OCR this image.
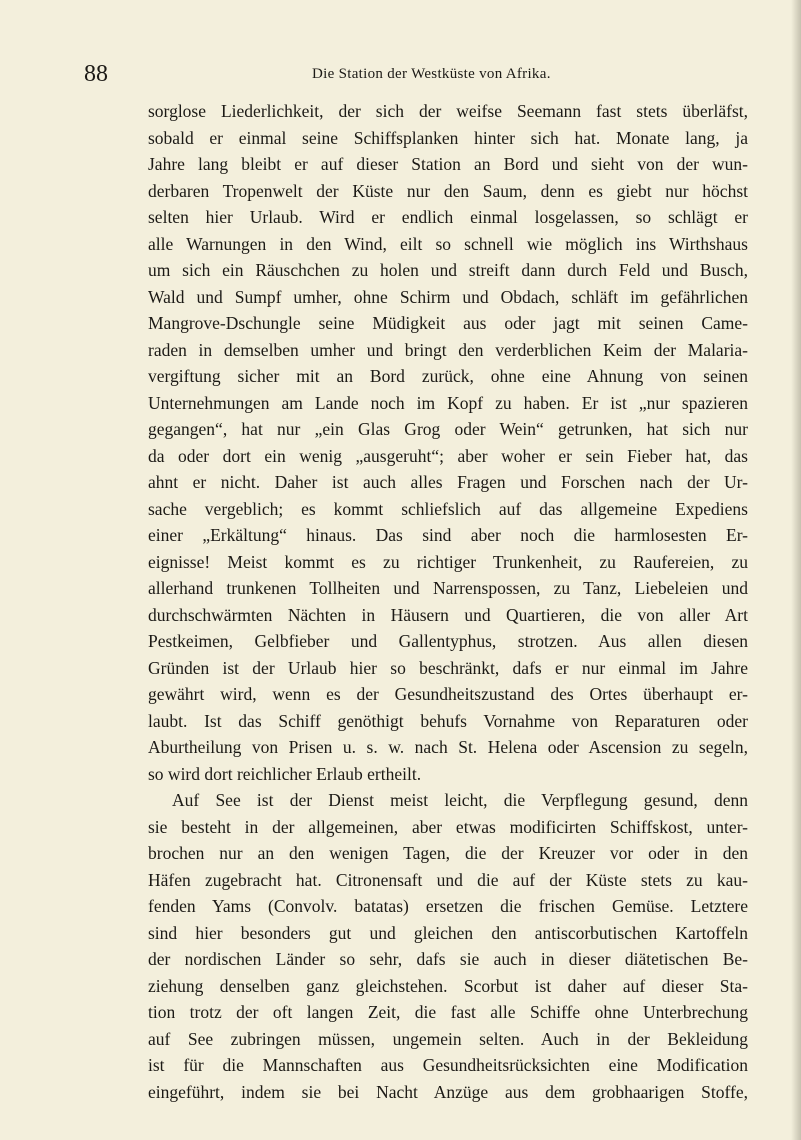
88	Die Station der Westküste von Afrika.
sorglose Liederlichkeit, der sich der weifse Seemann fast stets überläfst,
sobald er einmal seine Schiffsplanken hinter sich hat. Monate lang, ja
Jahre lang bleibt er auf dieser Station an Bord und sieht von der wun-
derbaren Tropenwelt der Küste nur den Saum, denn es giebt nur höchst
selten hier Urlaub. Wird er endlich einmal losgelassen, so schlägt er
alle Warnungen in den Wind, eilt so schnell wie möglich ins Wirthshaus
um sich ein Räuschchen zu holen und streift dann durch Feld und Busch,
Wald und Sumpf umher, ohne Schirm und Obdach, schläft im gefährlichen
Mangrove-Dschungle seine Müdigkeit aus oder jagt mit seinen Came-
raden in demselben umher und bringt den verderblichen Keim der Malaria-
vergiftung sicher mit an Bord zurück, ohne eine Ahnung von seinen
Unternehmungen am Lande noch im Kopf zu haben. Er ist „nur spazieren
gegangen“, hat nur „ein Glas Grog oder Wein“ getrunken, hat sich nur
da oder dort ein wenig „ausgeruht“; aber woher er sein Fieber hat, das
ahnt er nicht. Daher ist auch alles Fragen und Forschen nach der Ur-
sache vergeblich; es kommt schliefslich auf das allgemeine Expediens
einer „Erkältung“ hinaus. Das sind aber noch die harmlosesten Er-
eignisse! Meist kommt es zu richtiger Trunkenheit, zu Raufereien, zu
allerhand trunkenen Tollheiten und Narrenspossen, zu Tanz, Liebeleien und
durchschwärmten Nächten in Häusern und Quartieren, die von aller Art
Pestkeimen, Gelbfieber und Gallentyphus, strotzen. Aus allen diesen
Gründen ist der Urlaub hier so beschränkt, dafs er nur einmal im Jahre
gewährt wird, wenn es der Gesundheitszustand des Ortes überhaupt er-
laubt. Ist das Schiff genöthigt behufs Vornahme von Reparaturen oder
Aburtheilung von Prisen u. s. w. nach St. Helena oder Ascension zu segeln,
so wird dort reichlicher Erlaub ertheilt.
Auf See ist der Dienst meist leicht, die Verpflegung gesund, denn
sie besteht in der allgemeinen, aber etwas modificirten Schiffskost, unter-
brochen nur an den wenigen Tagen, die der Kreuzer vor oder in den
Häfen zugebracht hat. Citronensaft und die auf der Küste stets zu kau-
fenden Yams (Convolv. batatas) ersetzen die frischen Gemüse. Letztere
sind hier besonders gut und gleichen den antiscorbutischen Kartoffeln
der nordischen Länder so sehr, dafs sie auch in dieser diätetischen Be-
ziehung denselben ganz gleichstehen. Scorbut ist daher auf dieser Sta-
tion trotz der oft langen Zeit, die fast alle Schiffe ohne Unterbrechung
auf See zubringen müssen, ungemein selten. Auch in der Bekleidung
ist für die Mannschaften aus Gesundheitsrücksichten eine Modification
eingeführt, indem sie bei Nacht Anzüge aus dem grobhaarigen Stoffe,
